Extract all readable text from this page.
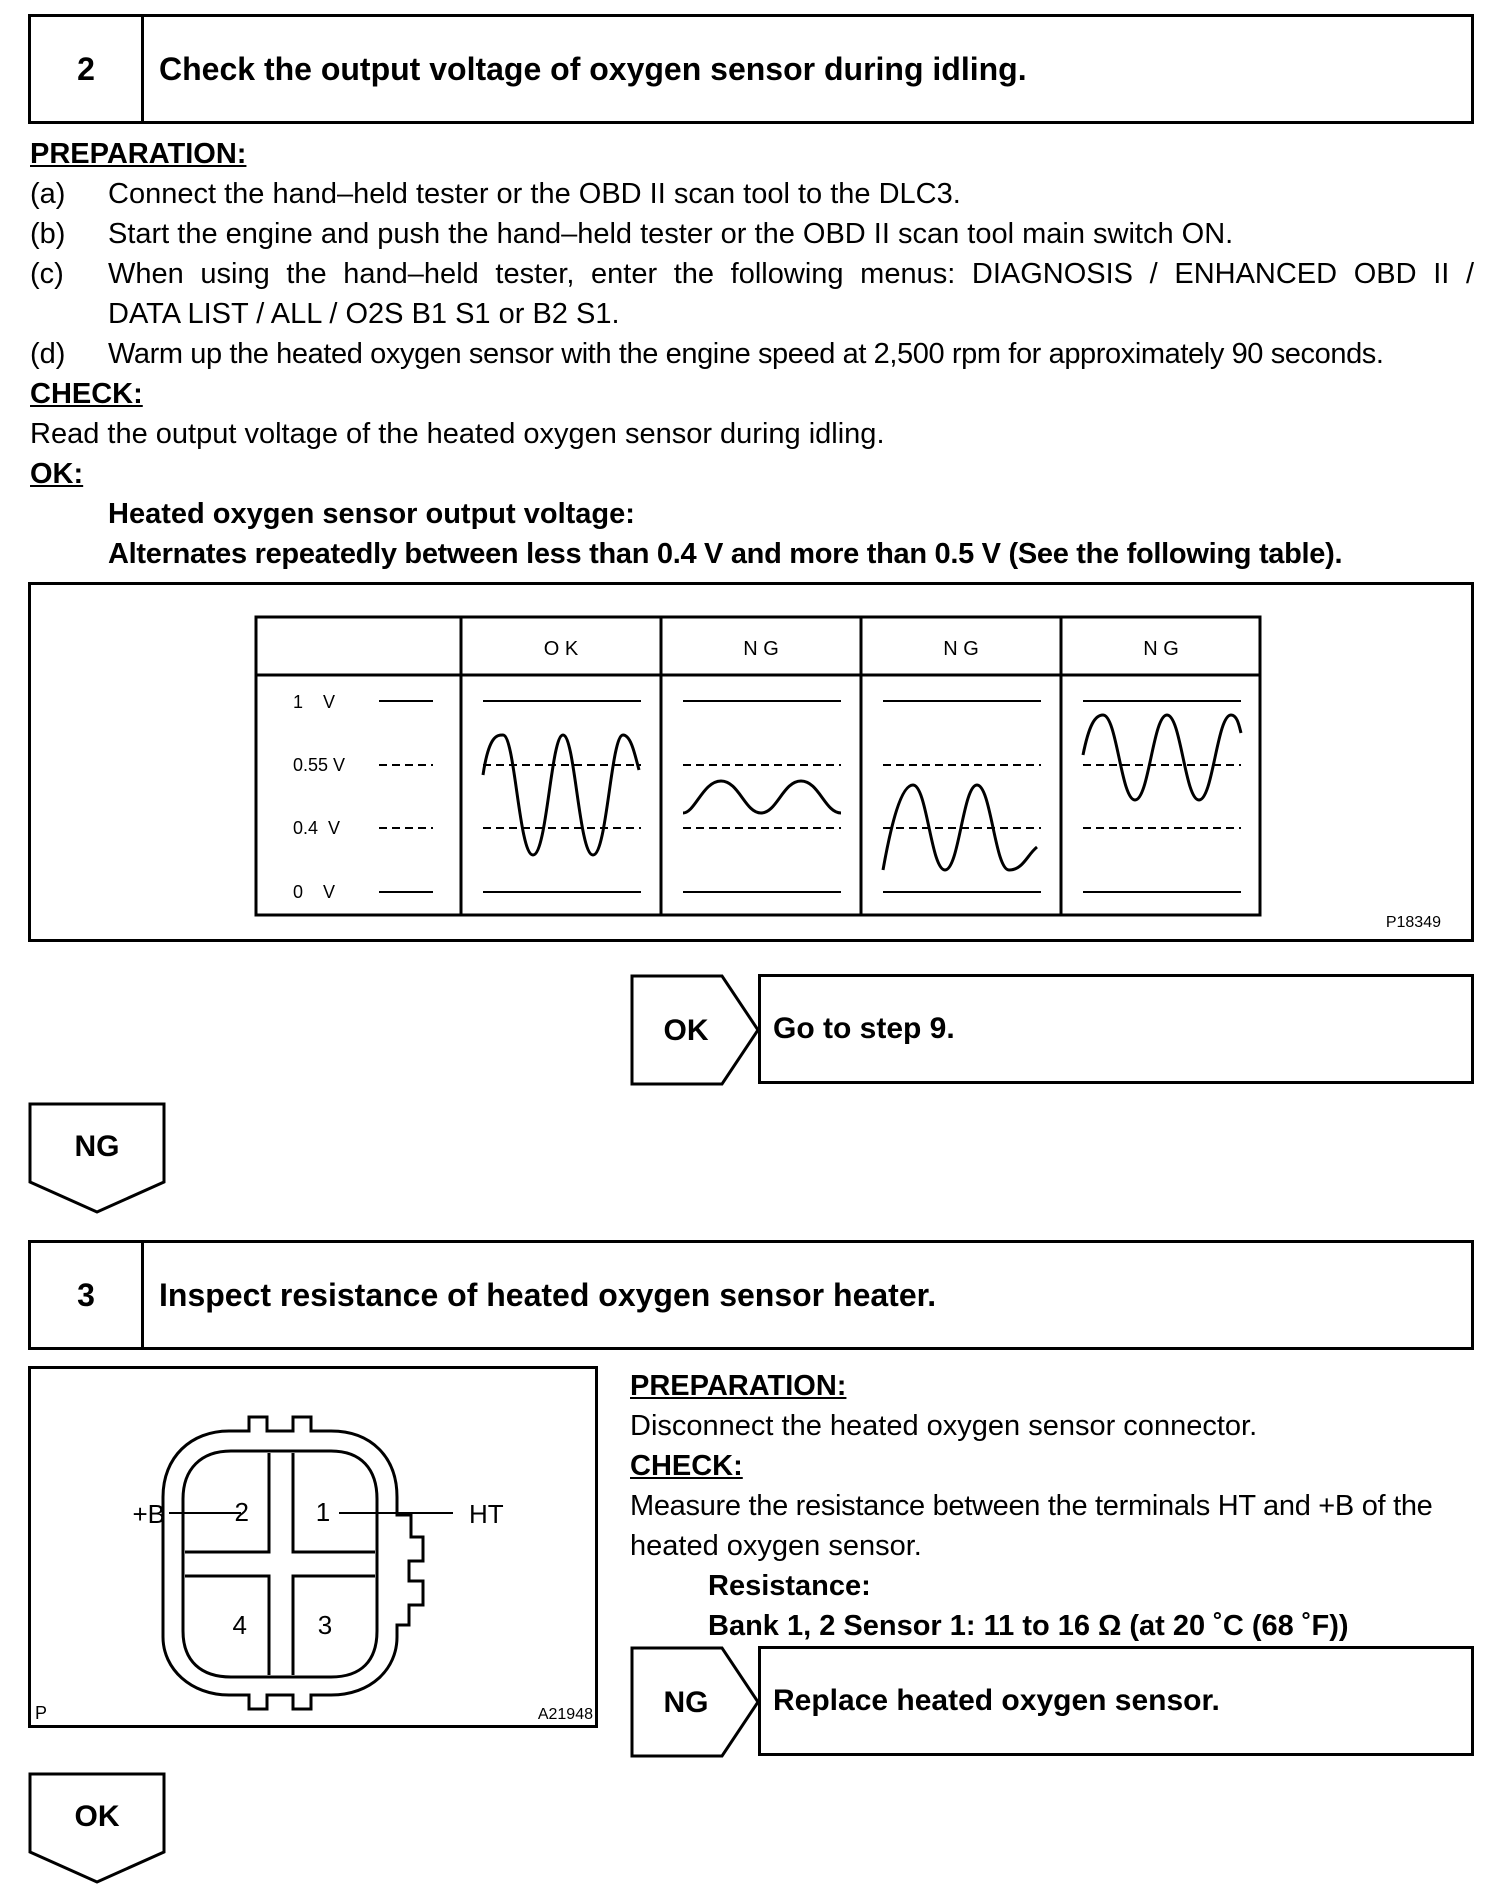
2	Check the output voltage of oxygen sensor during idling.
PREPARATION:
(a) Connect the hand–held tester or the OBD II scan tool to the DLC3.
(b) Start the engine and push the hand–held tester or the OBD II scan tool main switch ON.
(c) When using the hand–held tester, enter the following menus: DIAGNOSIS / ENHANCED OBD II /
DATA LIST / ALL / O2S B1 S1 or B2 S1.
(d) Warm up the heated oxygen sensor with the engine speed at 2,500 rpm for approximately 90 seconds.
CHECK:
Read the output voltage of the heated oxygen sensor during idling.
OK:
Heated oxygen sensor output voltage:
Alternates repeatedly between less than 0.4 V and more than 0.5 V (See the following table).
O K	N G	N G	N G
1    V
0.55 V
0.4  V
0    V
P18349
OK Go to step 9.
NG
3	Inspect resistance of heated oxygen sensor heater.
2	1
4	3
+B	HT
P	A21948
PREPARATION:
Disconnect the heated oxygen sensor connector.
CHECK:
Measure the resistance between the terminals HT and +B of the
heated oxygen sensor.
Resistance:
Bank 1, 2 Sensor 1: 11 to 16 Ω (at 20 ˚C (68 ˚F))
NG Replace heated oxygen sensor.
OK
